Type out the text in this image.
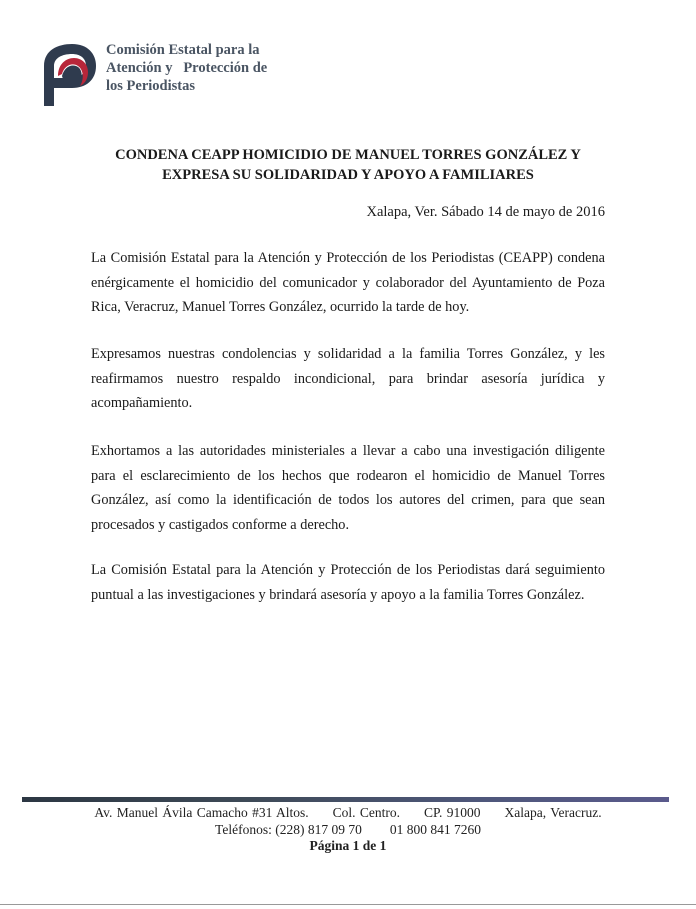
Comisión Estatal para la
Atención y   Protección de
los Periodistas
CONDENA CEAPP HOMICIDIO DE MANUEL TORRES GONZÁLEZ Y
EXPRESA SU SOLIDARIDAD Y APOYO A FAMILIARES
Xalapa, Ver. Sábado 14 de mayo de 2016
La Comisión Estatal para la Atención y Protección de los Periodistas (CEAPP) condena enérgicamente el homicidio del comunicador y colaborador del Ayuntamiento de Poza Rica, Veracruz, Manuel Torres González, ocurrido la tarde de hoy.
Expresamos nuestras condolencias y solidaridad a la familia Torres González, y les reafirmamos nuestro respaldo incondicional, para brindar asesoría jurídica y acompañamiento.
Exhortamos a las autoridades ministeriales a llevar a cabo una investigación diligente para el esclarecimiento de los hechos que rodearon el homicidio de Manuel Torres González, así como la identificación de todos los autores del crimen, para que sean procesados y castigados conforme a derecho.
La Comisión Estatal para la Atención y Protección de los Periodistas dará seguimiento puntual a las investigaciones y brindará asesoría y apoyo a la familia Torres González.
Av. Manuel Ávila Camacho #31 Altos. Col. Centro. CP. 91000 Xalapa, Veracruz.
Teléfonos: (228) 817 09 70 01 800 841 7260
Página 1 de 1
